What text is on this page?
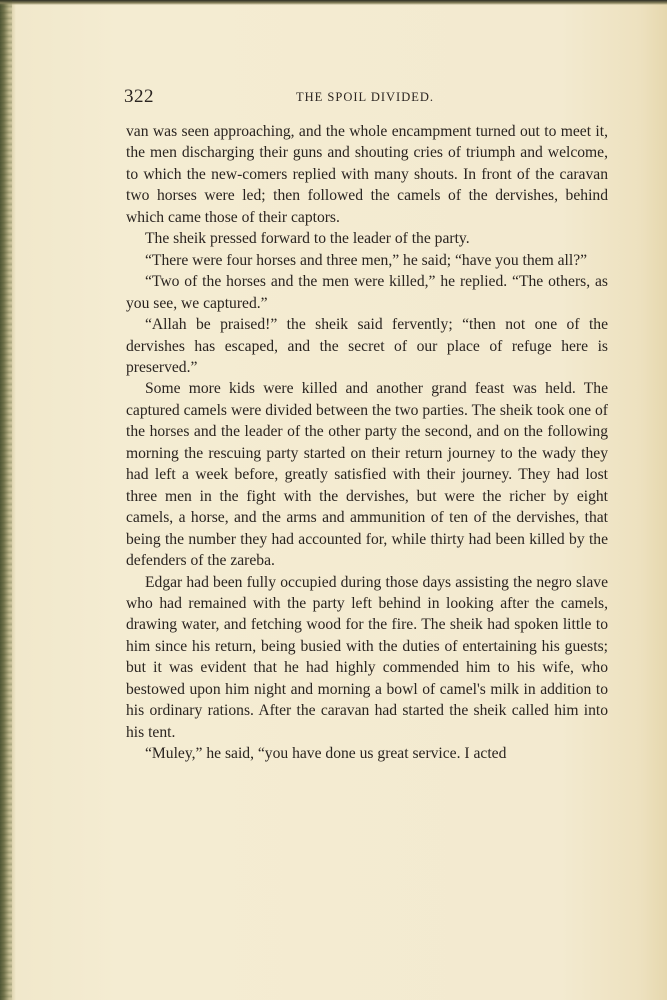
322	THE SPOIL DIVIDED.

van was seen approaching, and the whole encampment turned out to meet it, the men discharging their guns and shouting cries of triumph and welcome, to which the new-comers replied with many shouts. In front of the caravan two horses were led; then followed the camels of the dervishes, behind which came those of their captors.

The sheik pressed forward to the leader of the party.

“There were four horses and three men,” he said; “have you them all?”

“Two of the horses and the men were killed,” he replied. “The others, as you see, we captured.”

“Allah be praised!” the sheik said fervently; “then not one of the dervishes has escaped, and the secret of our place of refuge here is preserved.”

Some more kids were killed and another grand feast was held. The captured camels were divided between the two parties. The sheik took one of the horses and the leader of the other party the second, and on the following morning the rescuing party started on their return journey to the wady they had left a week before, greatly satisfied with their journey. They had lost three men in the fight with the dervishes, but were the richer by eight camels, a horse, and the arms and ammunition of ten of the dervishes, that being the number they had accounted for, while thirty had been killed by the defenders of the zareba.

Edgar had been fully occupied during those days assisting the negro slave who had remained with the party left behind in looking after the camels, drawing water, and fetching wood for the fire. The sheik had spoken little to him since his return, being busied with the duties of entertaining his guests; but it was evident that he had highly commended him to his wife, who bestowed upon him night and morning a bowl of camel's milk in addition to his ordinary rations. After the caravan had started the sheik called him into his tent.

“Muley,” he said, “you have done us great service. I acted
